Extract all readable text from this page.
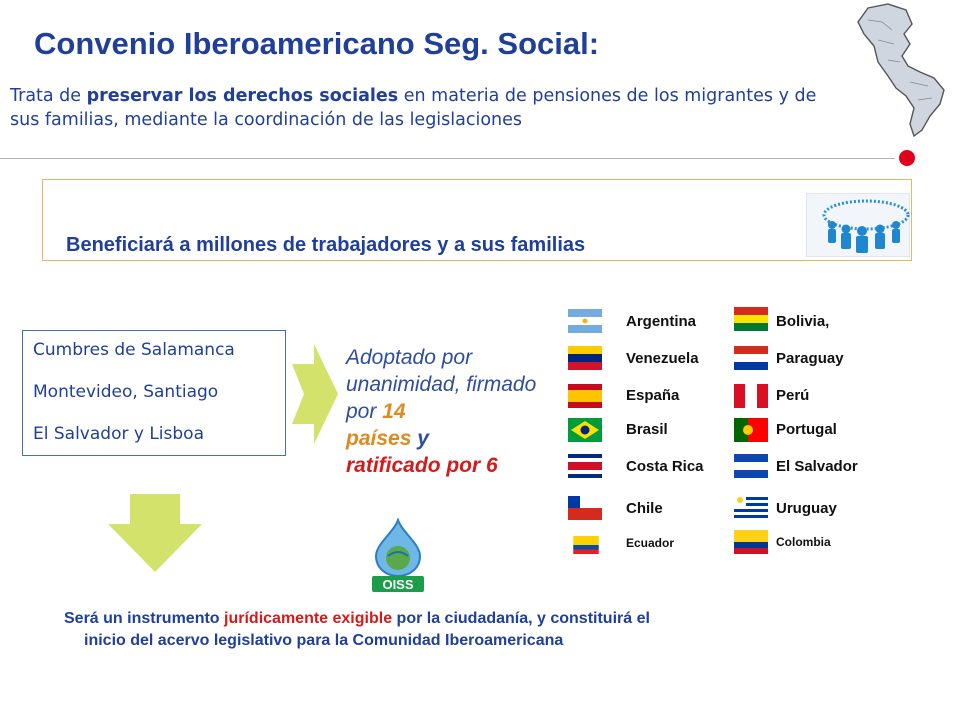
Convenio Iberoamericano Seg. Social:
Trata de preservar los derechos sociales en materia de pensiones de los migrantes y de sus familias, mediante la coordinación de las legislaciones
Beneficiará a millones de trabajadores y a sus familias
Cumbres de Salamanca
Montevideo, Santiago
El Salvador y Lisboa
Adoptado por unanimidad, firmado por 14
países y
ratificado por 6
OISS
Argentina
Venezuela
España
Brasil
Costa Rica
Chile
Ecuador
Bolivia,
Paraguay
Perú
Portugal
El Salvador
Uruguay
Colombia
Será un instrumento jurídicamente exigible por la ciudadanía, y constituirá el
inicio del acervo legislativo para la Comunidad Iberoamericana
